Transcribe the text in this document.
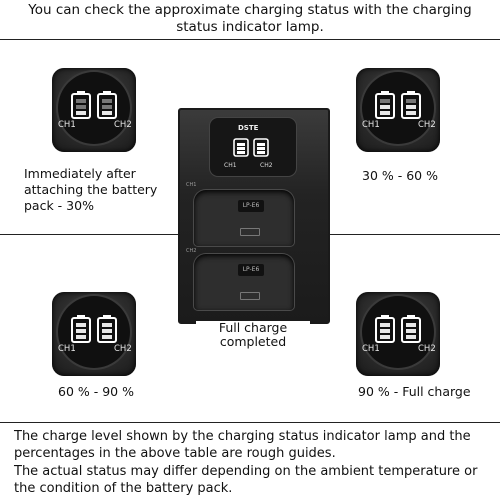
You can check the approximate charging status with the charging
status indicator lamp.
CH1	CH2	CH1	CH2
Immediately after
attaching the battery
pack - 30%
30 % - 60 %
DSTE
CH1	CH2
CH1
LP-E6
CH2
LP-E6
Full charge
completed
CH1	CH2	CH1	CH2
60 % - 90 %	90 % - Full charge
The charge level shown by the charging status indicator lamp and the
percentages in the above table are rough guides.
The actual status may differ depending on the ambient temperature or
the condition of the battery pack.
